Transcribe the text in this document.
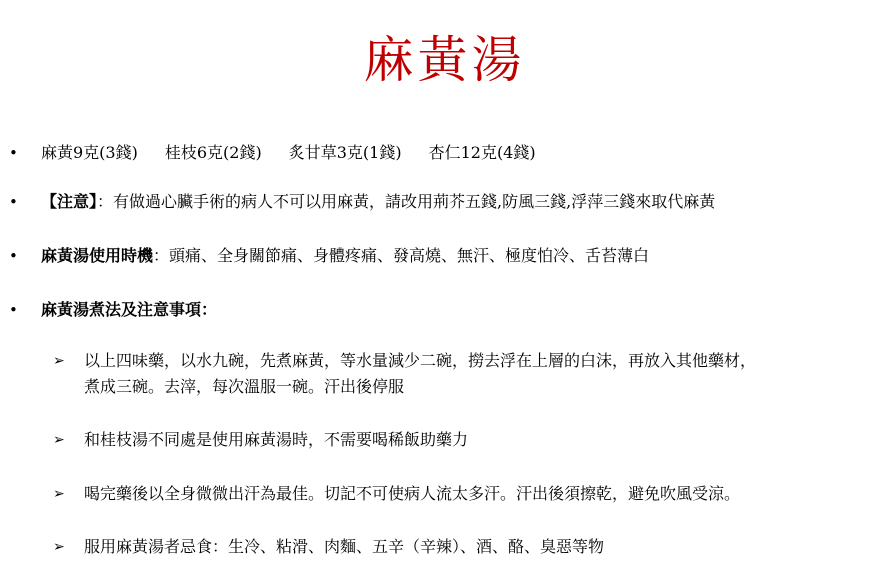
麻黃湯
• 麻黃9克(3錢) 桂枝6克(2錢) 炙甘草3克(1錢) 杏仁12克(4錢)
• 【注意】：有做過心臟手術的病人不可以用麻黃，請改用荊芥五錢,防風三錢,浮萍三錢來取代麻黃
• 麻黃湯使用時機：頭痛、全身關節痛、身體疼痛、發高燒、無汗、極度怕冷、舌苔薄白
• 麻黃湯煮法及注意事項：
➢ 以上四味藥，以水九碗，先煮麻黃，等水量減少二碗，撈去浮在上層的白沫，再放入其他藥材，
煮成三碗。去滓，每次溫服一碗。汗出後停服
➢ 和桂枝湯不同處是使用麻黃湯時，不需要喝稀飯助藥力
➢ 喝完藥後以全身微微出汗為最佳。切記不可使病人流太多汗。汗出後須擦乾，避免吹風受涼。
➢ 服用麻黃湯者忌食：生冷、粘滑、肉麵、五辛（辛辣）、酒、酪、臭惡等物
